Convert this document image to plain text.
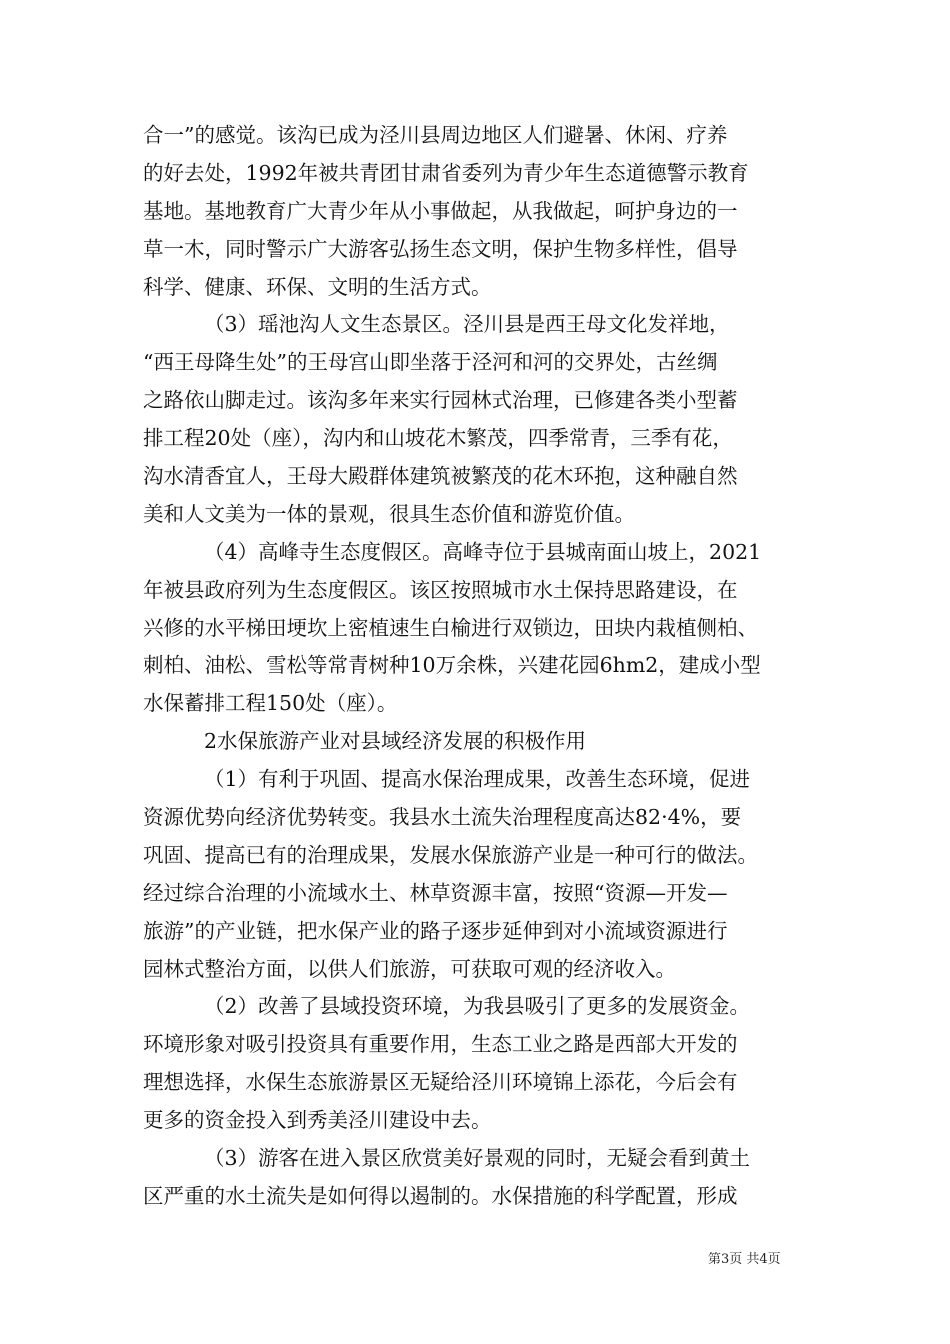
合一”的感觉。该沟已成为泾川县周边地区人们避暑、休闲、疗养
的好去处，1992年被共青团甘肃省委列为青少年生态道德警示教育
基地。基地教育广大青少年从小事做起，从我做起，呵护身边的一
草一木，同时警示广大游客弘扬生态文明，保护生物多样性，倡导
科学、健康、环保、文明的生活方式。
（3）瑶池沟人文生态景区。泾川县是西王母文化发祥地，
“西王母降生处”的王母宫山即坐落于泾河和河的交界处，古丝绸
之路依山脚走过。该沟多年来实行园林式治理，已修建各类小型蓄
排工程20处（座），沟内和山坡花木繁茂，四季常青，三季有花，
沟水清香宜人，王母大殿群体建筑被繁茂的花木环抱，这种融自然
美和人文美为一体的景观，很具生态价值和游览价值。
（4）高峰寺生态度假区。高峰寺位于县城南面山坡上，2021
年被县政府列为生态度假区。该区按照城市水土保持思路建设，在
兴修的水平梯田埂坎上密植速生白榆进行双锁边，田块内栽植侧柏、
刺柏、油松、雪松等常青树种10万余株，兴建花园6hm2，建成小型
水保蓄排工程150处（座）。
2水保旅游产业对县域经济发展的积极作用
（1）有利于巩固、提高水保治理成果，改善生态环境，促进
资源优势向经济优势转变。我县水土流失治理程度高达82·4%，要
巩固、提高已有的治理成果，发展水保旅游产业是一种可行的做法。
经过综合治理的小流域水土、林草资源丰富，按照“资源—开发—
旅游”的产业链，把水保产业的路子逐步延伸到对小流域资源进行
园林式整治方面，以供人们旅游，可获取可观的经济收入。
（2）改善了县域投资环境，为我县吸引了更多的发展资金。
环境形象对吸引投资具有重要作用，生态工业之路是西部大开发的
理想选择，水保生态旅游景区无疑给泾川环境锦上添花，今后会有
更多的资金投入到秀美泾川建设中去。
（3）游客在进入景区欣赏美好景观的同时，无疑会看到黄土
区严重的水土流失是如何得以遏制的。水保措施的科学配置，形成
第3页 共4页
